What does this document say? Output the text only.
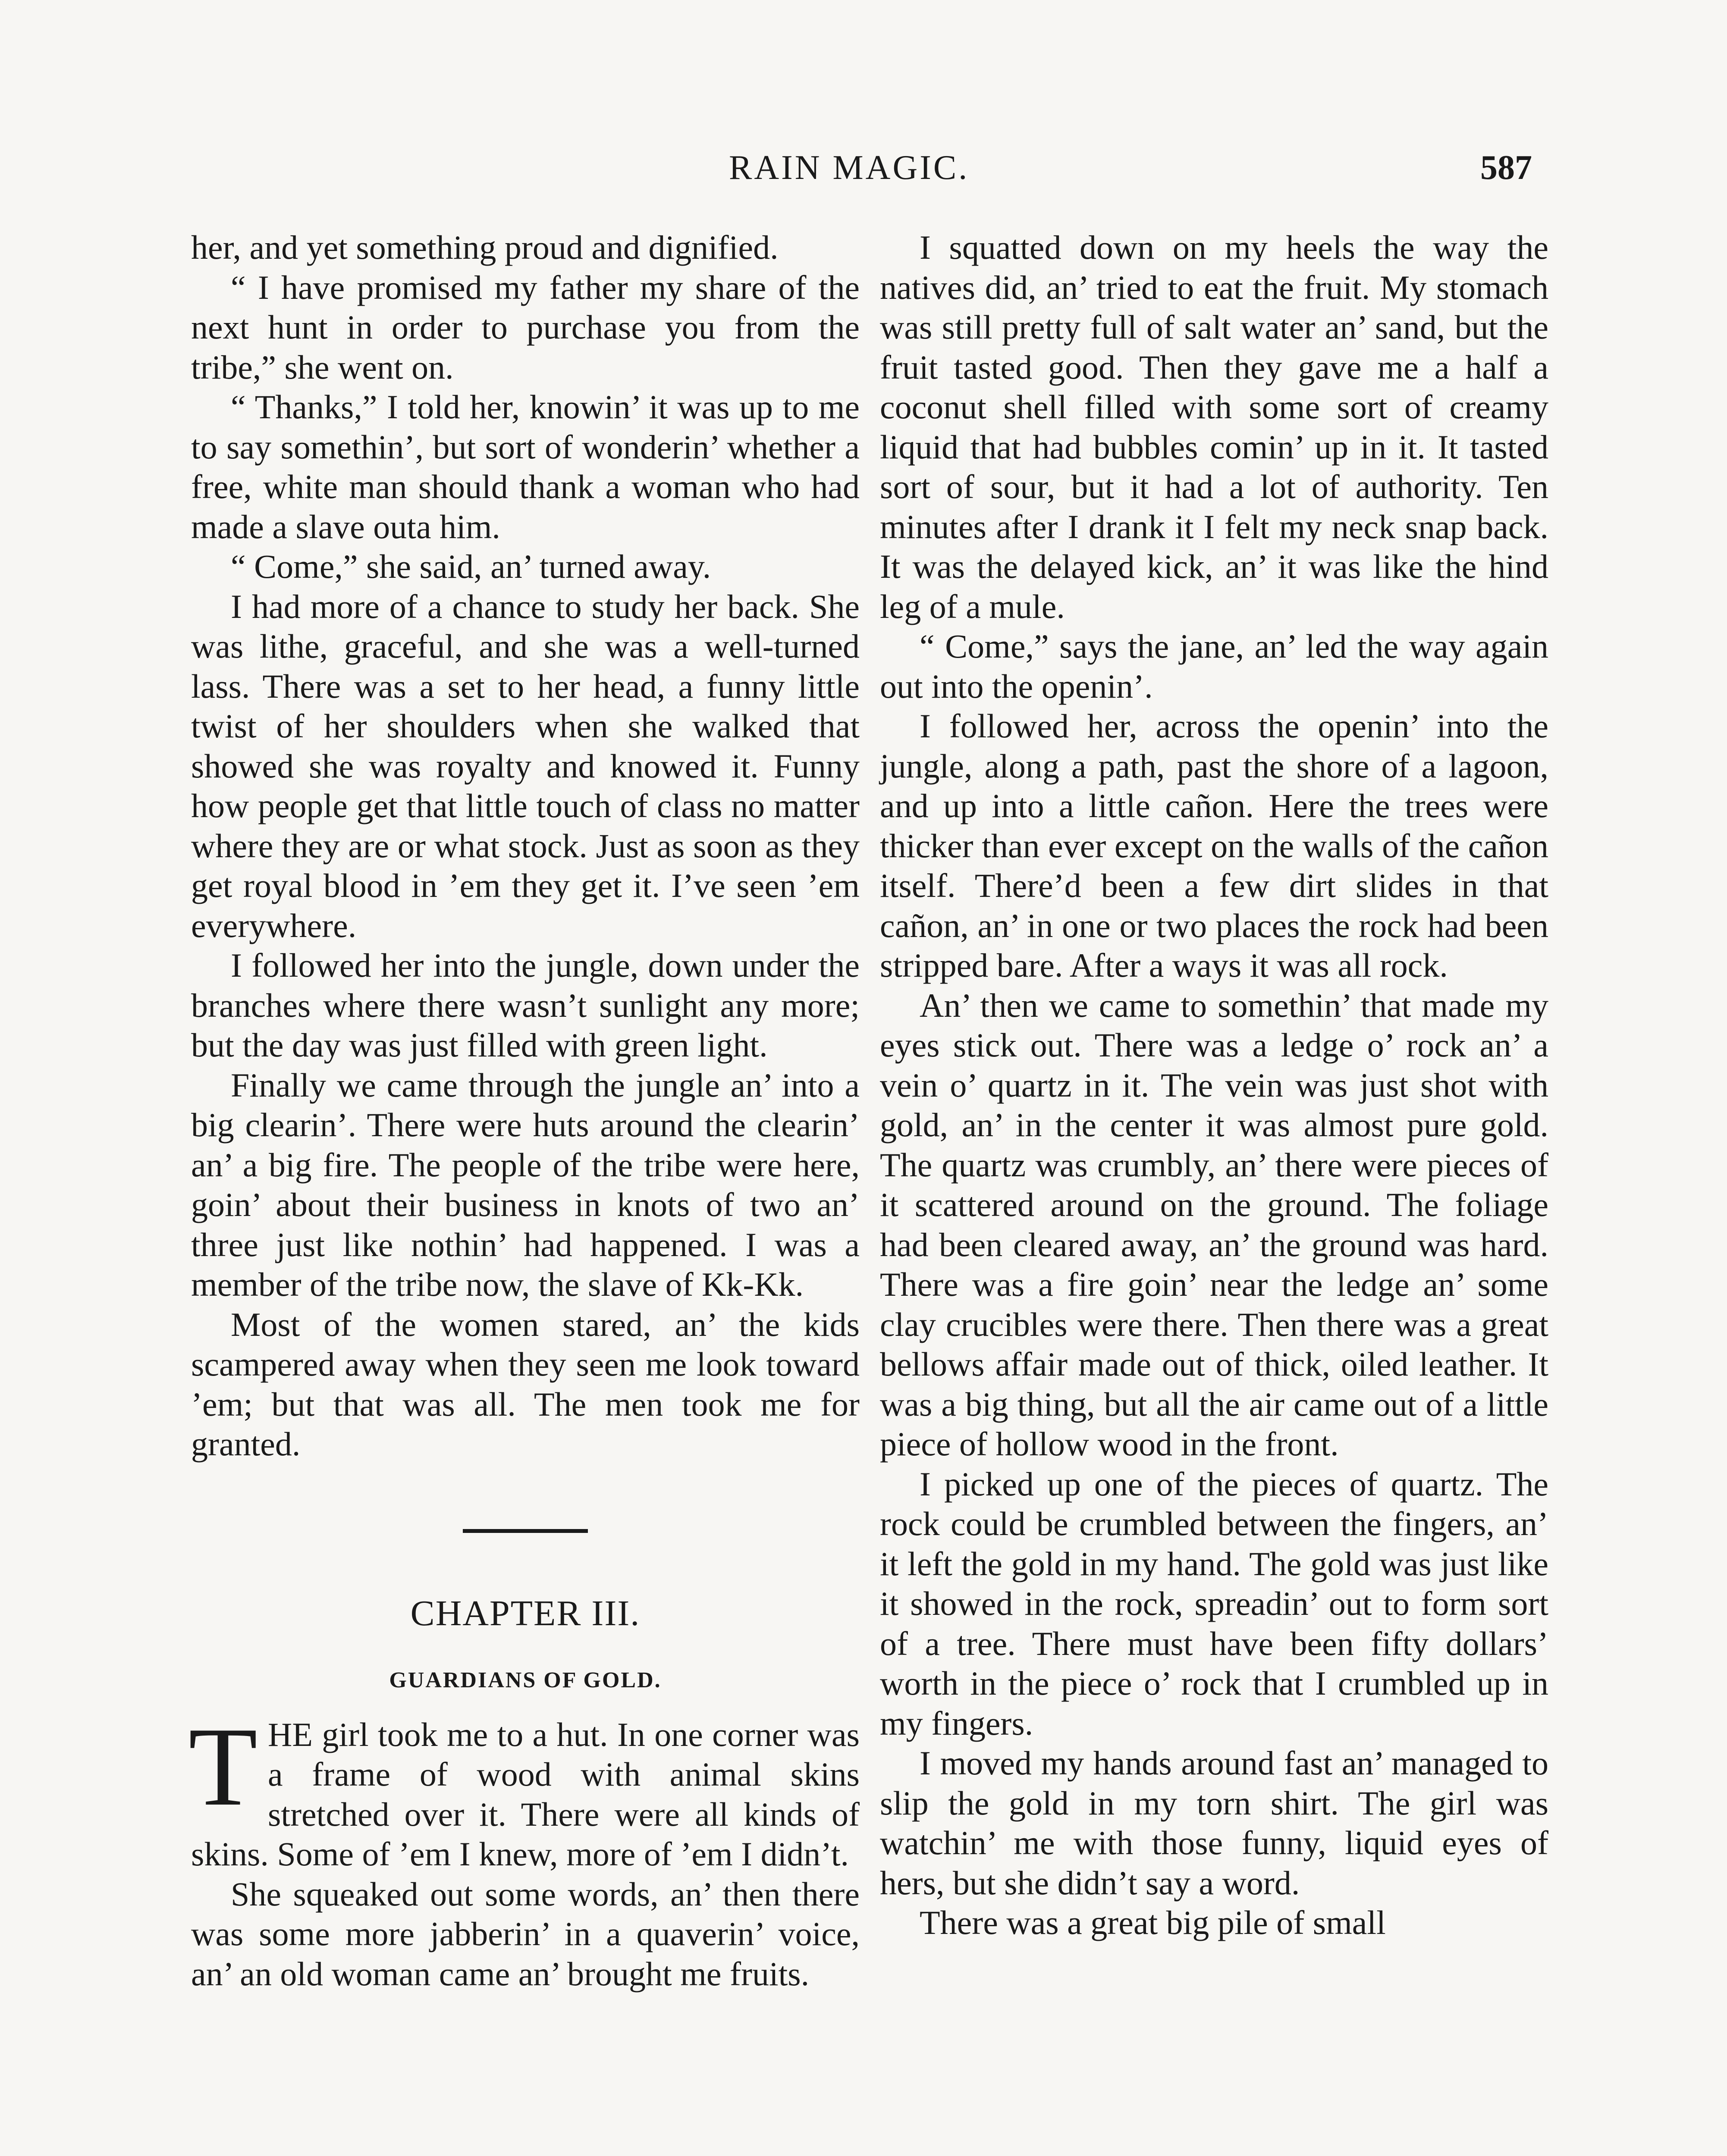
RAIN MAGIC.	587

her, and yet something proud and dignified.

“ I have promised my father my share of the next hunt in order to purchase you from the tribe,” she went on.

“ Thanks,” I told her, knowin’ it was up to me to say somethin’, but sort of wonderin’ whether a free, white man should thank a woman who had made a slave outa him.

“ Come,” she said, an’ turned away.

I had more of a chance to study her back. She was lithe, graceful, and she was a well-turned lass. There was a set to her head, a funny little twist of her shoulders when she walked that showed she was royalty and knowed it. Funny how people get that little touch of class no matter where they are or what stock. Just as soon as they get royal blood in ’em they get it. I’ve seen ’em everywhere.

I followed her into the jungle, down under the branches where there wasn’t sunlight any more; but the day was just filled with green light.

Finally we came through the jungle an’ into a big clearin’. There were huts around the clearin’ an’ a big fire. The people of the tribe were here, goin’ about their business in knots of two an’ three just like nothin’ had happened. I was a member of the tribe now, the slave of Kk-Kk.

Most of the women stared, an’ the kids scampered away when they seen me look toward ’em; but that was all. The men took me for granted.

CHAPTER III.
GUARDIANS OF GOLD.

THE girl took me to a hut. In one corner was a frame of wood with animal skins stretched over it. There were all kinds of skins. Some of ’em I knew, more of ’em I didn’t.

She squeaked out some words, an’ then there was some more jabberin’ in a quaverin’ voice, an’ an old woman came an’ brought me fruits.

I squatted down on my heels the way the natives did, an’ tried to eat the fruit. My stomach was still pretty full of salt water an’ sand, but the fruit tasted good. Then they gave me a half a coconut shell filled with some sort of creamy liquid that had bubbles comin’ up in it. It tasted sort of sour, but it had a lot of authority. Ten minutes after I drank it I felt my neck snap back. It was the delayed kick, an’ it was like the hind leg of a mule.

“ Come,” says the jane, an’ led the way again out into the openin’.

I followed her, across the openin’ into the jungle, along a path, past the shore of a lagoon, and up into a little cañon. Here the trees were thicker than ever except on the walls of the cañon itself. There’d been a few dirt slides in that cañon, an’ in one or two places the rock had been stripped bare. After a ways it was all rock.

An’ then we came to somethin’ that made my eyes stick out. There was a ledge o’ rock an’ a vein o’ quartz in it. The vein was just shot with gold, an’ in the center it was almost pure gold. The quartz was crumbly, an’ there were pieces of it scattered around on the ground. The foliage had been cleared away, an’ the ground was hard. There was a fire goin’ near the ledge an’ some clay crucibles were there. Then there was a great bellows affair made out of thick, oiled leather. It was a big thing, but all the air came out of a little piece of hollow wood in the front.

I picked up one of the pieces of quartz. The rock could be crumbled between the fingers, an’ it left the gold in my hand. The gold was just like it showed in the rock, spreadin’ out to form sort of a tree. There must have been fifty dollars’ worth in the piece o’ rock that I crumbled up in my fingers.

I moved my hands around fast an’ managed to slip the gold in my torn shirt. The girl was watchin’ me with those funny, liquid eyes of hers, but she didn’t say a word.

There was a great big pile of small
